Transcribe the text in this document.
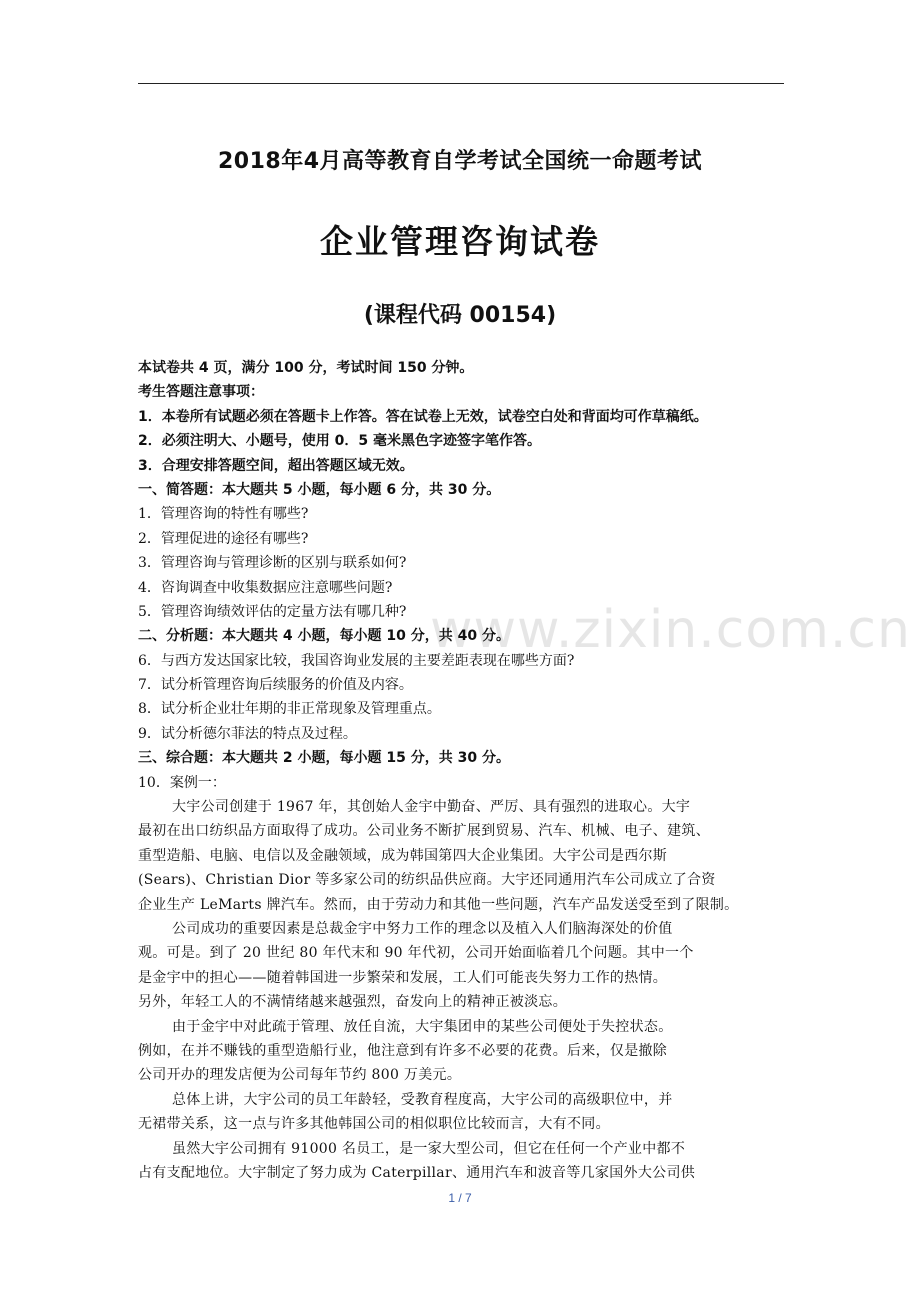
2018年4月高等教育自学考试全国统一命题考试
企业管理咨询试卷
(课程代码 00154)
www.zixin.com.cn
本试卷共 4 页，满分 100 分，考试时间 150 分钟。
考生答题注意事项：
1．本卷所有试题必须在答题卡上作答。答在试卷上无效，试卷空白处和背面均可作草稿纸。
2．必须注明大、小题号，使用 0．5 毫米黑色字迹签字笔作答。
3．合理安排答题空间，超出答题区域无效。
一、简答题：本大题共 5 小题，每小题 6 分，共 30 分。
1．管理咨询的特性有哪些?
2．管理促进的途径有哪些?
3．管理咨询与管理诊断的区别与联系如何?
4．咨询调查中收集数据应注意哪些问题?
5．管理咨询绩效评估的定量方法有哪几种?
二、分析题：本大题共 4 小题，每小题 10 分，共 40 分。
6．与西方发达国家比较，我国咨询业发展的主要差距表现在哪些方面?
7．试分析管理咨询后续服务的价值及内容。
8．试分析企业壮年期的非正常现象及管理重点。
9．试分析德尔菲法的特点及过程。
三、综合题：本大题共 2 小题，每小题 15 分，共 30 分。
10．案例一：
大宇公司创建于 1967 年，其创始人金宇中勤奋、严厉、具有强烈的进取心。大宇
最初在出口纺织品方面取得了成功。公司业务不断扩展到贸易、汽车、机械、电子、建筑、
重型造船、电脑、电信以及金融领域，成为韩国第四大企业集团。大宇公司是西尔斯
(Sears)、Christian Dior 等多家公司的纺织品供应商。大宇还同通用汽车公司成立了合资
企业生产 LeMarts 牌汽车。然而，由于劳动力和其他一些问题，汽车产品发送受至到了限制。
公司成功的重要因素是总裁金宇中努力工作的理念以及植入人们脑海深处的价值
观。可是。到了 20 世纪 80 年代末和 90 年代初，公司开始面临着几个问题。其中一个
是金宇中的担心——随着韩国进一步繁荣和发展，工人们可能丧失努力工作的热情。
另外，年轻工人的不满情绪越来越强烈，奋发向上的精神正被淡忘。
由于金宇中对此疏于管理、放任自流，大宇集团申的某些公司便处于失控状态。
例如，在并不赚钱的重型造船行业，他注意到有许多不必要的花费。后来，仅是撤除
公司开办的理发店便为公司每年节约 800 万美元。
总体上讲，大宇公司的员工年龄轻，受教育程度高，大宇公司的高级职位中，并
无裙带关系，这一点与许多其他韩国公司的相似职位比较而言，大有不同。
虽然大宇公司拥有 91000 名员工，是一家大型公司，但它在任何一个产业中都不
占有支配地位。大宇制定了努力成为 Caterpillar、通用汽车和波音等几家国外大公司供
1 / 7
